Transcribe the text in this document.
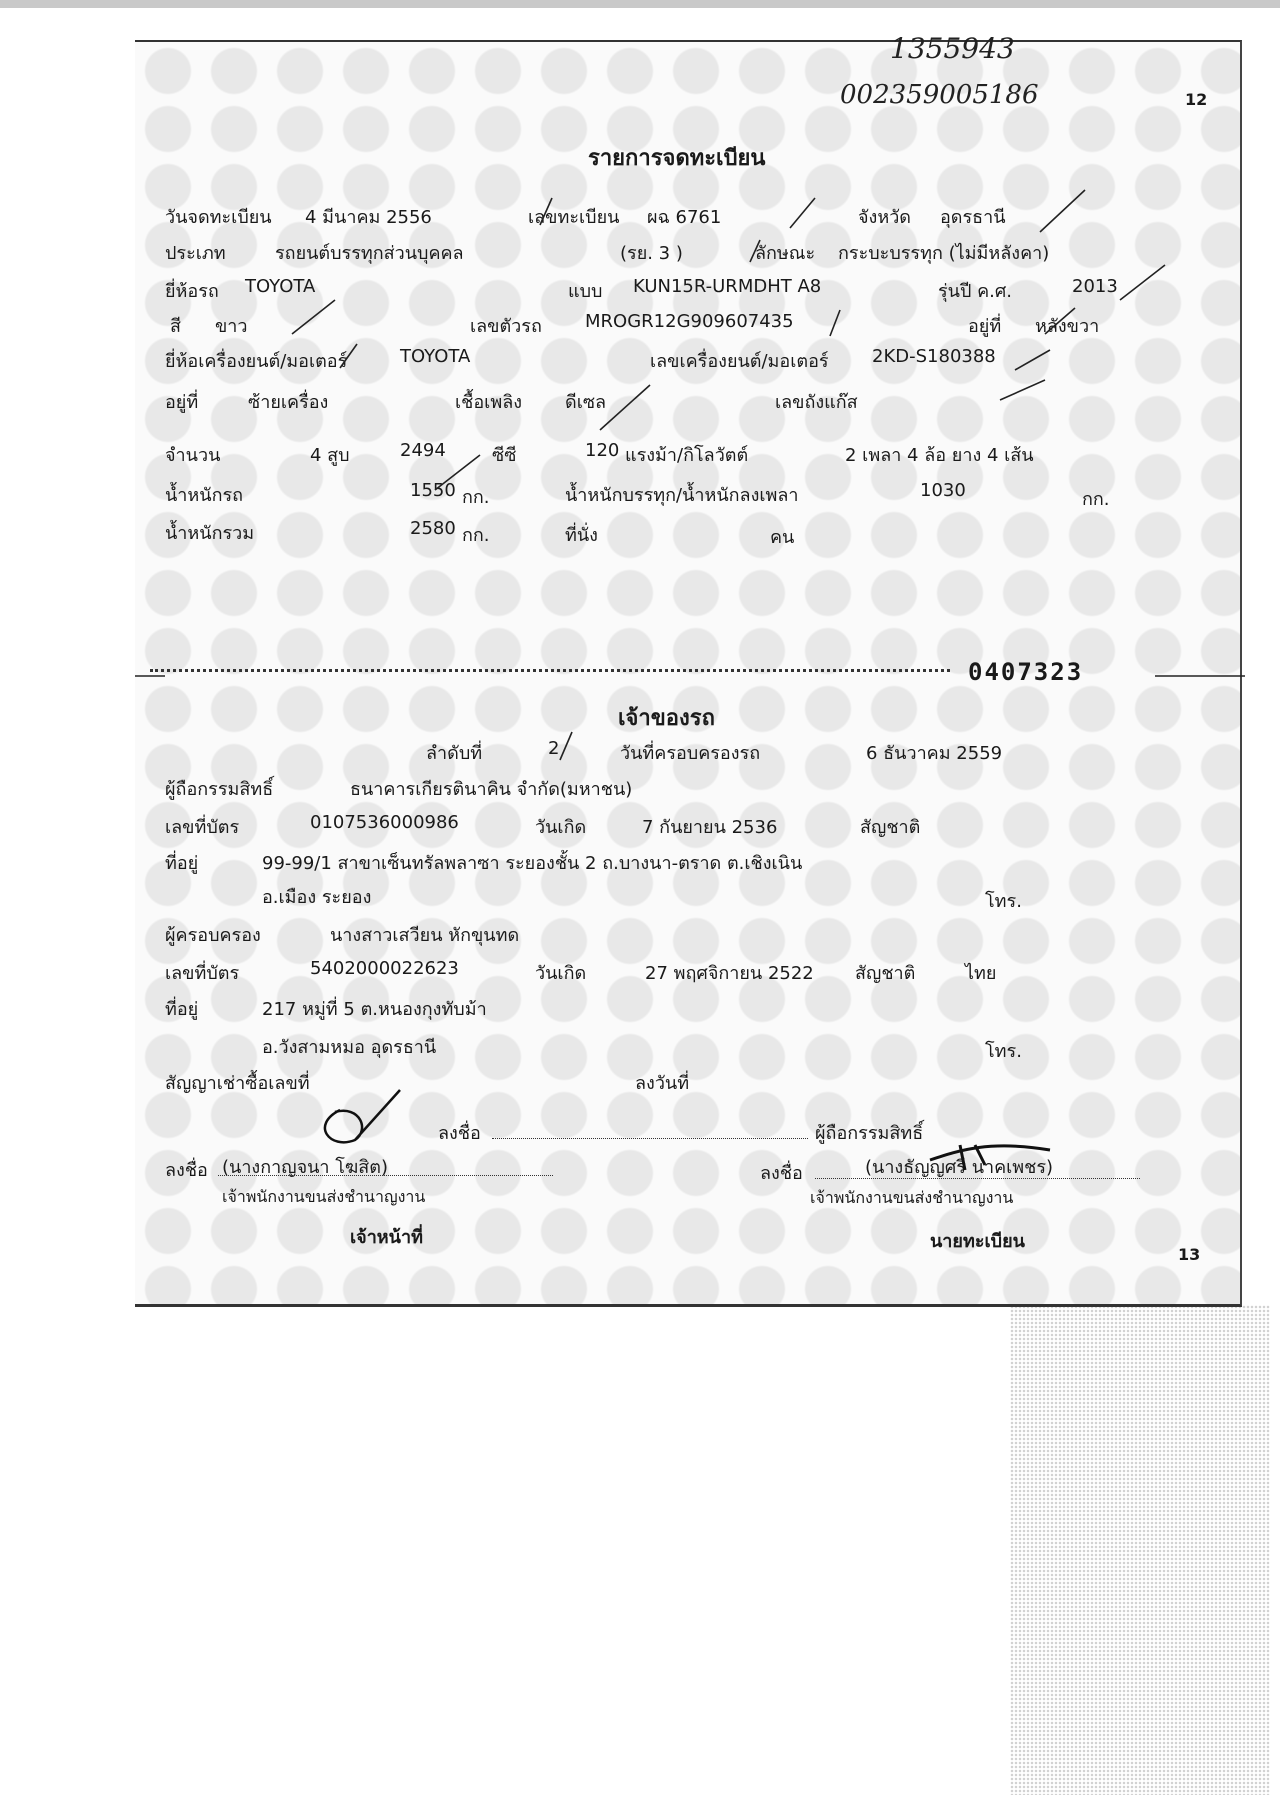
1355943
002359005186	12
รายการจดทะเบียน
วันจดทะเบียน 4 มีนาคม 2556	เลขทะเบียน ผฉ 6761	จังหวัด อุดรธานี
ประเภท	รถยนต์บรรทุกส่วนบุคคล	(รย. 3 )	ลักษณะ กระบะบรรทุก (ไม่มีหลังคา)
ยี่ห้อรถ TOYOTA	แบบ KUN15R-URMDHT A8	รุ่นปี ค.ศ.	2013
สี ขาว	เลขตัวรถ MROGR12G909607435	อยู่ที่ หลังขวา
ยี่ห้อเครื่องยนต์/มอเตอร์	TOYOTA	เลขเครื่องยนต์/มอเตอร์ 2KD-S180388
อยู่ที่	ซ้ายเครื่อง	เชื้อเพลิง ดีเซล	เลขถังแก๊ส
จำนวน	4 สูบ	2494	ซีซี	120 แรงม้า/กิโลวัตต์	2 เพลา 4 ล้อ ยาง 4 เส้น
น้ำหนักรถ	1550 กก.	น้ำหนักบรรทุก/น้ำหนักลงเพลา	1030	กก.
น้ำหนักรวม	2580 กก.	ที่นั่ง	คน
0407323
เจ้าของรถ
ลำดับที่	2	วันที่ครอบครองรถ	6 ธันวาคม 2559
ผู้ถือกรรมสิทธิ์	ธนาคารเกียรตินาคิน จำกัด(มหาชน)
เลขที่บัตร	0107536000986	วันเกิด	7 กันยายน 2536	สัญชาติ
ที่อยู่	99-99/1 สาขาเซ็นทรัลพลาซา ระยองชั้น 2 ถ.บางนา-ตราด ต.เชิงเนิน
อ.เมือง ระยอง	โทร.
ผู้ครอบครอง	นางสาวเสวียน หักขุนทด
เลขที่บัตร	5402000022623	วันเกิด	27 พฤศจิกายน 2522 สัญชาติ	ไทย
ที่อยู่	217 หมู่ที่ 5 ต.หนองกุงทับม้า
อ.วังสามหมอ อุดรธานี	โทร.
สัญญาเช่าซื้อเลขที่	ลงวันที่
ลงชื่อ	ผู้ถือกรรมสิทธิ์
ลงชื่อ (นางกาญจนา โฆสิต)
เจ้าพนักงานขนส่งชำนาญงาน
เจ้าหน้าที่
ลงชื่อ	(นางธัญญศรี นาคเพชร)
เจ้าพนักงานขนส่งชำนาญงาน
นายทะเบียน
13
